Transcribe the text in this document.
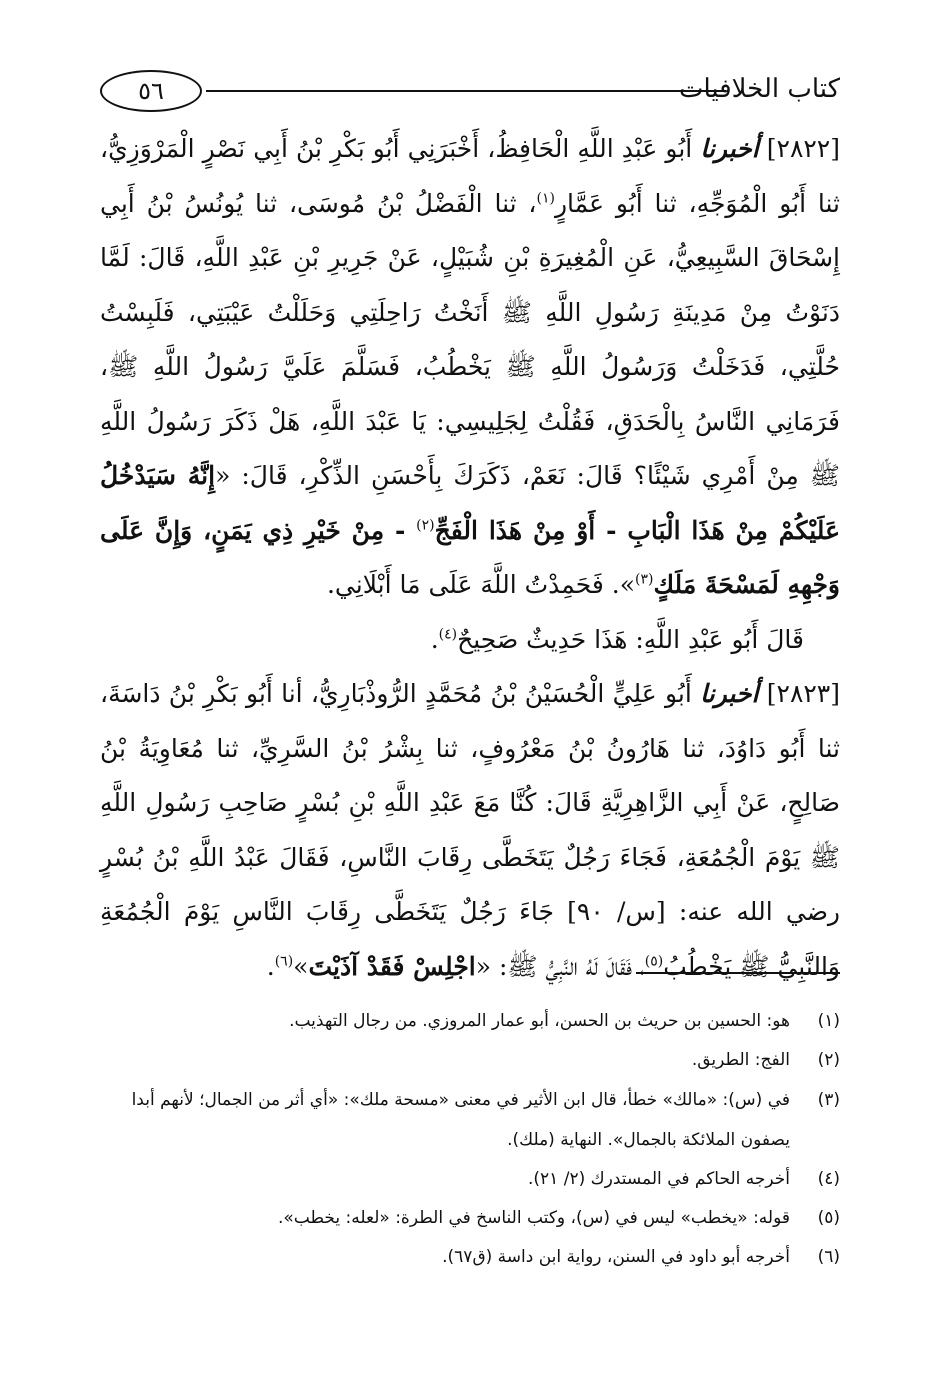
٥٦	كتاب الخلافيات

[٢٨٢٢] أخبرنا أَبُو عَبْدِ اللَّهِ الْحَافِظُ، أَخْبَرَنِي أَبُو بَكْرِ بْنُ أَبِي نَصْرٍ الْمَرْوَزِيُّ، ثنا أَبُو الْمُوَجِّهِ، ثنا أَبُو عَمَّارٍ$^{(١)}$، ثنا الْفَضْلُ بْنُ مُوسَى، ثنا يُونُسُ بْنُ أَبِي إِسْحَاقَ السَّبِيعِيُّ، عَنِ الْمُغِيرَةِ بْنِ شُبَيْلٍ، عَنْ جَرِيرِ بْنِ عَبْدِ اللَّهِ، قَالَ: لَمَّا دَنَوْتُ مِنْ مَدِينَةِ رَسُولِ اللَّهِ ﷺ أَنَخْتُ رَاحِلَتِي وَحَلَلْتُ عَيْبَتِي، فَلَبِسْتُ حُلَّتِي، فَدَخَلْتُ وَرَسُولُ اللَّهِ ﷺ يَخْطُبُ، فَسَلَّمَ عَلَيَّ رَسُولُ اللَّهِ ﷺ، فَرَمَانِي النَّاسُ بِالْحَدَقِ، فَقُلْتُ لِجَلِيسِي: يَا عَبْدَ اللَّهِ، هَلْ ذَكَرَ رَسُولُ اللَّهِ ﷺ مِنْ أَمْرِي شَيْئًا؟ قَالَ: نَعَمْ، ذَكَرَكَ بِأَحْسَنِ الذِّكْرِ، قَالَ: «إِنَّهُ سَيَدْخُلُ عَلَيْكُمْ مِنْ هَذَا الْبَابِ - أَوْ مِنْ هَذَا الْفَجِّ$^{(٢)}$ - مِنْ خَيْرِ ذِي يَمَنٍ، وَإِنَّ عَلَى وَجْهِهِ لَمَسْحَةَ مَلَكٍ$^{(٣)}$». فَحَمِدْتُ اللَّهَ عَلَى مَا أَبْلَانِي.

قَالَ أَبُو عَبْدِ اللَّهِ: هَذَا حَدِيثٌ صَحِيحٌ$^{(٤)}$.

[٢٨٢٣] أخبرنا أَبُو عَلِيٍّ الْحُسَيْنُ بْنُ مُحَمَّدٍ الرُّوذْبَارِيُّ، أنا أَبُو بَكْرِ بْنُ دَاسَةَ، ثنا أَبُو دَاوُدَ، ثنا هَارُونُ بْنُ مَعْرُوفٍ، ثنا بِشْرُ بْنُ السَّرِيِّ، ثنا مُعَاوِيَةُ بْنُ صَالِحٍ، عَنْ أَبِي الزَّاهِرِيَّةِ قَالَ: كُنَّا مَعَ عَبْدِ اللَّهِ بْنِ بُسْرٍ صَاحِبِ رَسُولِ اللَّهِ ﷺ يَوْمَ الْجُمُعَةِ، فَجَاءَ رَجُلٌ يَتَخَطَّى رِقَابَ النَّاسِ، فَقَالَ عَبْدُ اللَّهِ بْنُ بُسْرٍ رضي الله عنه: [س/ ٩٠] جَاءَ رَجُلٌ يَتَخَطَّى رِقَابَ النَّاسِ يَوْمَ الْجُمُعَةِ وَالنَّبِيُّ ﷺ يَخْطُبُ$^{(٥)}$، فَقَالَ لَهُ النَّبِيُّ ﷺ: «اجْلِسْ فَقَدْ آذَيْتَ»$^{(٦)}$.

(١)
هو: الحسين بن حريث بن الحسن، أبو عمار المروزي. من رجال التهذيب.

(٢)
الفج: الطريق.

(٣)
في (س): «مالك» خطأ، قال ابن الأثير في معنى «مسحة ملك»: «أي أثر من الجمال؛ لأنهم أبدا يصفون الملائكة بالجمال». النهاية (ملك).

(٤)
أخرجه الحاكم في المستدرك (٢/ ٢١).

(٥)
قوله: «يخطب» ليس في (س)، وكتب الناسخ في الطرة: «لعله: يخطب».

(٦)
أخرجه أبو داود في السنن، رواية ابن داسة (ق٦٧).
